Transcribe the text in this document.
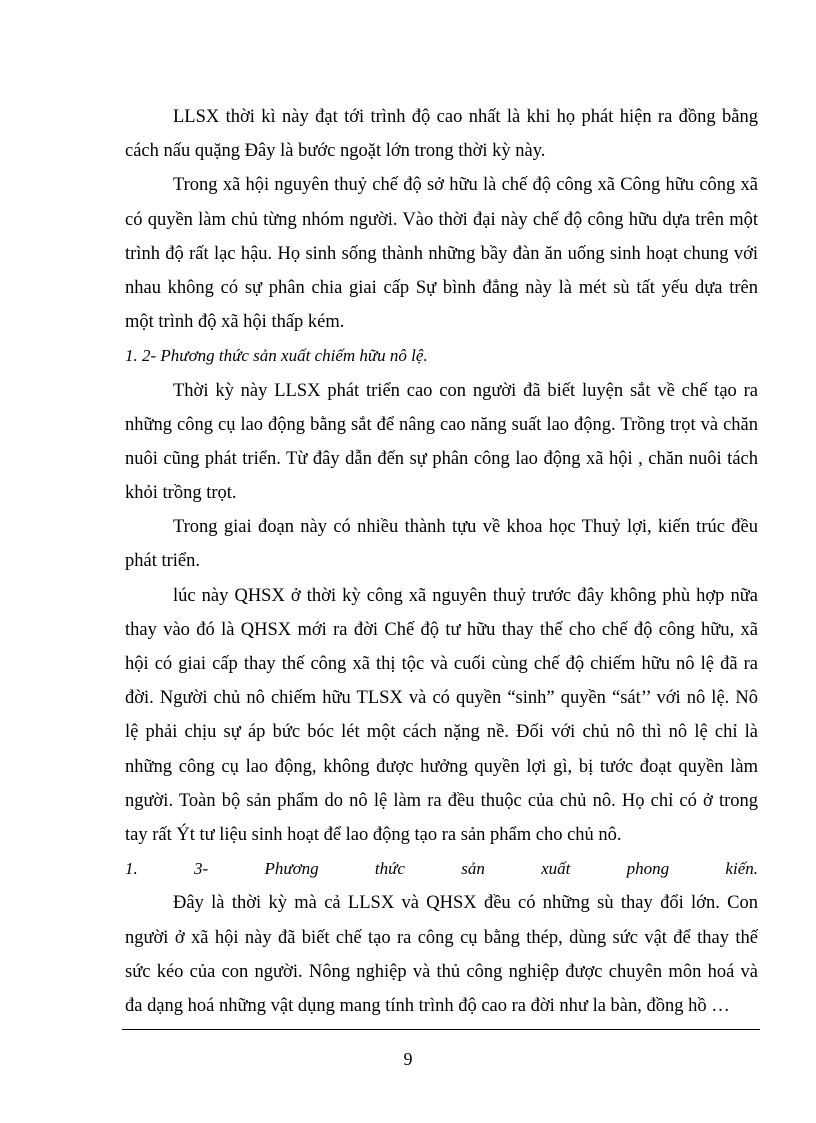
LLSX thời kì này đạt tới trình độ cao nhất là khi họ phát hiện ra đồng bằng
cách nấu quặng Đây là bước ngoặt lớn trong thời kỳ này.
Trong xã hội nguyên thuỷ chế độ sở hữu là chế độ công xã Công hữu công xã
có quyền làm chủ từng nhóm người. Vào thời đại này chế độ công hữu dựa trên một
trình độ rất lạc hậu. Họ sinh sống thành những bầy đàn ăn uống sinh hoạt chung với
nhau không có sự phân chia giai cấp Sự bình đẳng này là mét sù tất yếu dựa trên
một trình độ xã hội thấp kém.
1. 2- Phương thức sản xuất chiếm hữu nô lệ.
Thời kỳ này LLSX phát triển cao con người đã biết luyện sắt về chế tạo ra
những công cụ lao động bằng sắt để nâng cao năng suất lao động. Trồng trọt và chăn
nuôi cũng phát triển. Từ đây dẫn đến sự phân công lao động xã hội , chăn nuôi tách
khỏi trồng trọt.
Trong giai đoạn này có nhiều thành tựu về khoa học Thuỷ lợi, kiến trúc đều
phát triển.
lúc này QHSX ở thời kỳ công xã nguyên thuỷ trước đây không phù hợp nữa
thay vào đó là QHSX mới ra đời Chế độ tư hữu thay thế cho chế độ công hữu, xã
hội có giai cấp thay thế công xã thị tộc và cuối cùng chế độ chiếm hữu nô lệ đã ra
đời. Người chủ nô chiếm hữu TLSX và có quyền “sinh” quyền “sát’’ với nô lệ. Nô
lệ phải chịu sự áp bức bóc lét một cách nặng nề. Đối với chủ nô thì nô lệ chỉ là
những công cụ lao động, không được hưởng quyền lợi gì, bị tước đoạt quyền làm
người. Toàn bộ sản phẩm do nô lệ làm ra đều thuộc của chủ nô. Họ chỉ có ở trong
tay rất Ýt tư liệu sinh hoạt để lao động tạo ra sản phẩm cho chủ nô.
1. 3- Phương thức sản xuất phong kiến.
Đây là thời kỳ mà cả LLSX và QHSX đều có những sù thay đổi lớn. Con
người ở xã hội này đã biết chế tạo ra công cụ bằng thép, dùng sức vật để thay thế
sức kéo của con người. Nông nghiệp và thủ công nghiệp được chuyên môn hoá và
đa dạng hoá những vật dụng mang tính trình độ cao ra đời như la bàn, đồng hồ …
9
